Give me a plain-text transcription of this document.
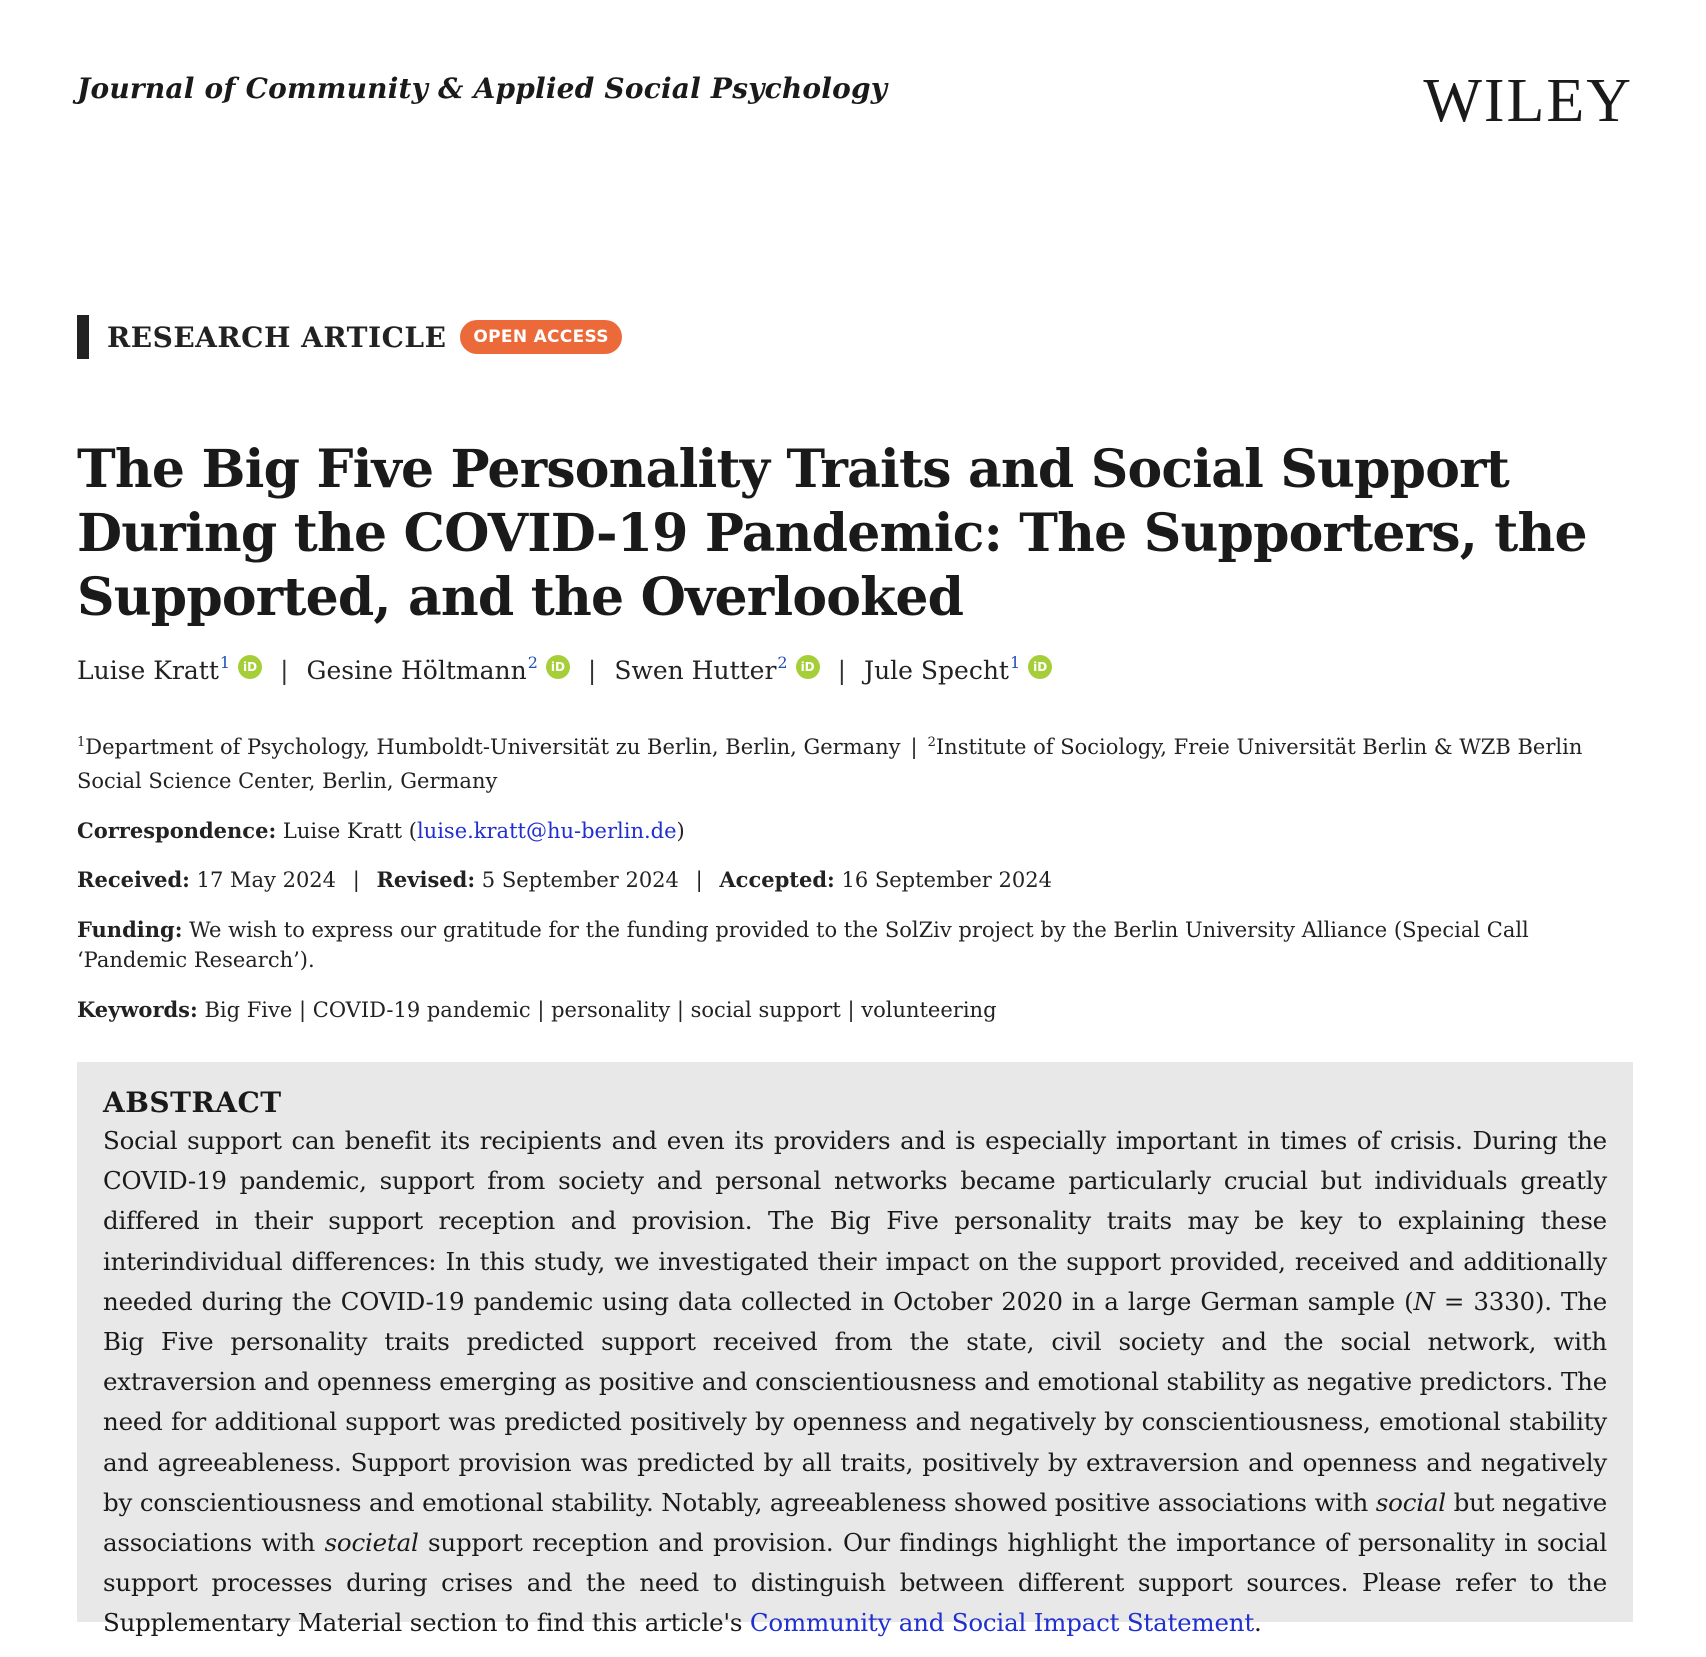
Journal of Community & Applied Social Psychology	WILEY
RESEARCH ARTICLE	OPEN ACCESS
The Big Five Personality Traits and Social Support During the COVID-19 Pandemic: The Supporters, the Supported, and the Overlooked
Luise Kratt$^1$	iD | Gesine Höltmann$^2$	iD | Swen Hutter$^2$	iD | Jule Specht$^1$	iD
$^1$Department of Psychology, Humboldt-Universität zu Berlin, Berlin, Germany | $^2$Institute of Sociology, Freie Universität Berlin & WZB Berlin Social Science Center, Berlin, Germany
Correspondence: Luise Kratt (luise.kratt@hu-berlin.de)
Received: 17 May 2024 | Revised: 5 September 2024 | Accepted: 16 September 2024
Funding: We wish to express our gratitude for the funding provided to the SolZiv project by the Berlin University Alliance (Special Call ‘Pandemic Research’).
Keywords: Big Five | COVID-19 pandemic | personality | social support | volunteering
ABSTRACT

Social support can benefit its recipients and even its providers and is especially important in times of crisis. During the COVID-19 pandemic, support from society and personal networks became particularly crucial but individuals greatly differed in their support reception and provision. The Big Five personality traits may be key to explaining these interindividual differences: In this study, we investigated their impact on the support provided, received and additionally needed during the COVID-19 pandemic using data collected in October 2020 in a large German sample (N = 3330). The Big Five personality traits predicted support received from the state, civil society and the social network, with extraversion and openness emerging as positive and conscientiousness and emotional stability as negative predictors. The need for additional support was predicted positively by openness and negatively by conscientiousness, emotional stability and agreeableness. Support provision was predicted by all traits, positively by extraversion and openness and negatively by conscientiousness and emotional stability. Notably, agreeableness showed positive associations with social but negative associations with societal support reception and provision. Our findings highlight the importance of personality in social support processes during crises and the need to distinguish between different support sources. Please refer to the Supplementary Material section to find this article's Community and Social Impact Statement.
